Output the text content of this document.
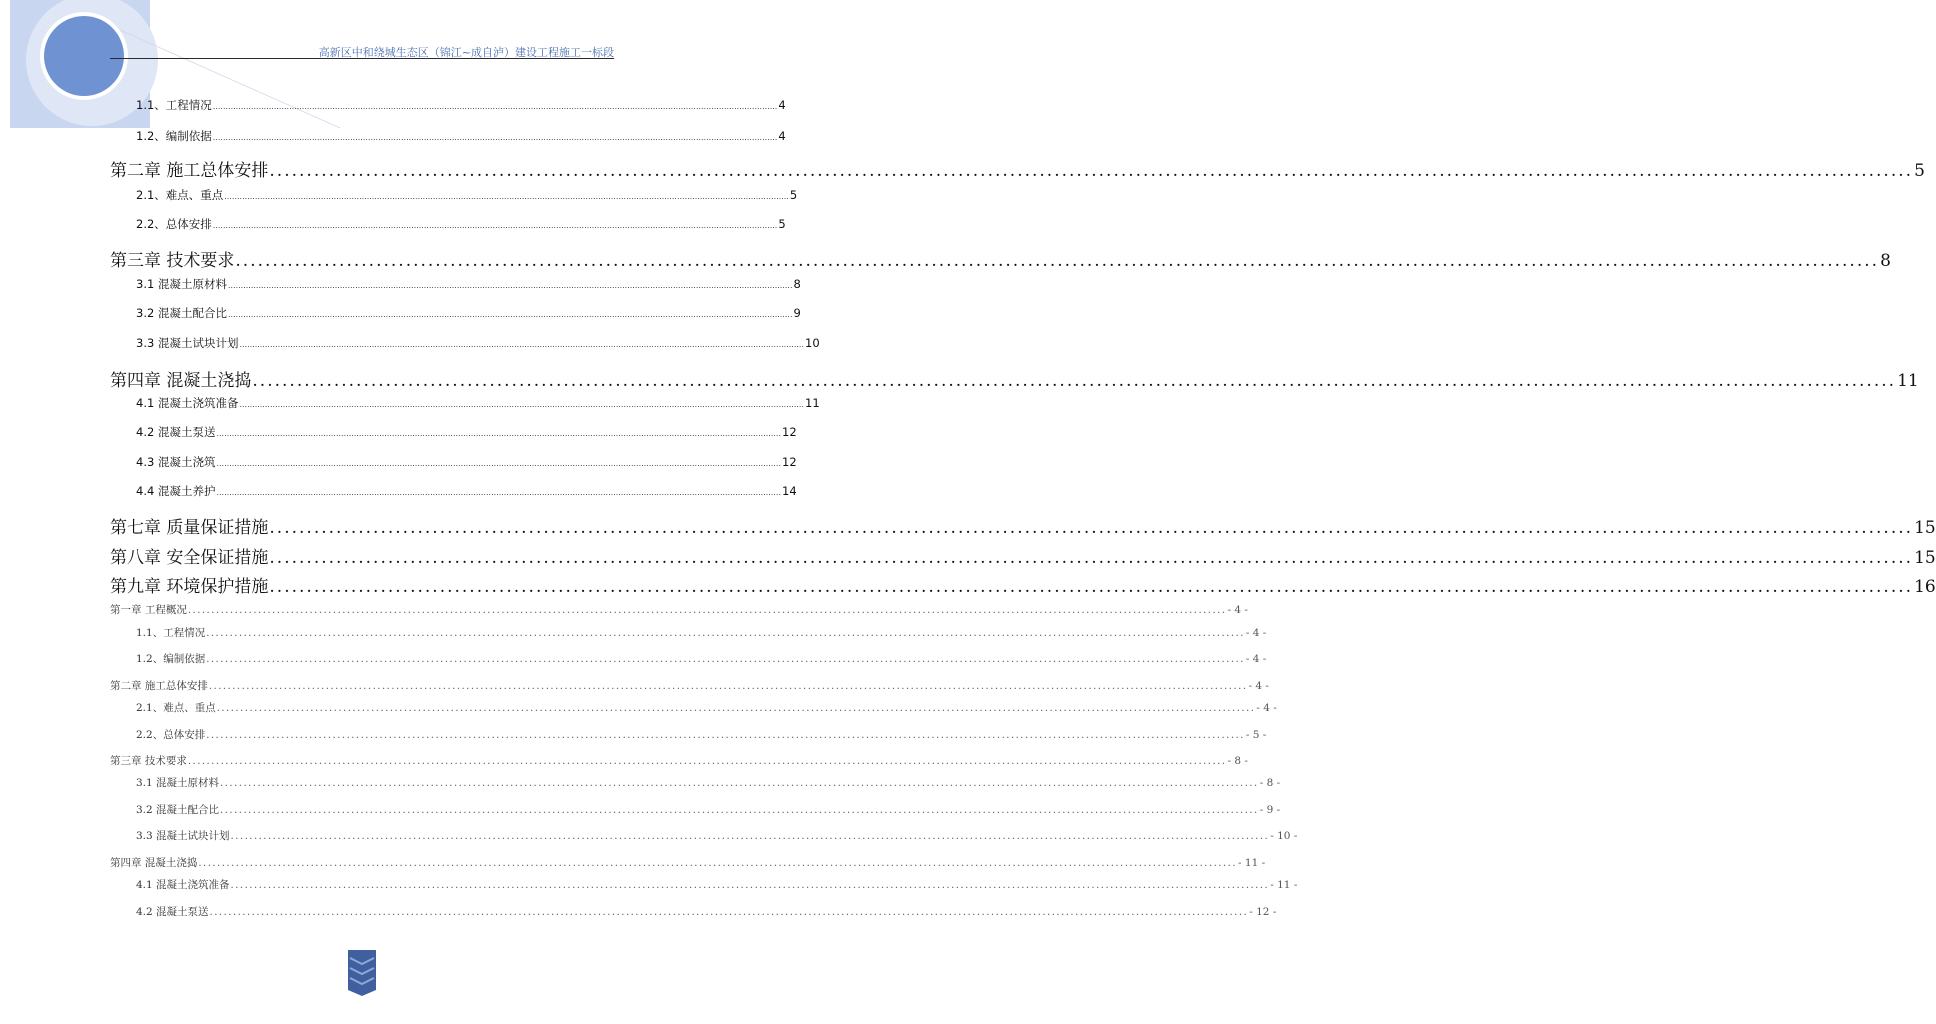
高新区中和绕城生态区（锦江~成自泸）建设工程施工一标段
1.1、工程情况 .............................................................................................................................................................................................................................. 4
1.2、编制依据 .............................................................................................................................................................................................................................. 4
第二章 施工总体安排 .............................................................................................................................................................................................................................. 5
2.1、难点、重点 .............................................................................................................................................................................................................................. 5
2.2、总体安排 .............................................................................................................................................................................................................................. 5
第三章 技术要求 .............................................................................................................................................................................................................................. 8
3.1 混凝土原材料 .............................................................................................................................................................................................................................. 8
3.2 混凝土配合比 .............................................................................................................................................................................................................................. 9
3.3 混凝土试块计划 .............................................................................................................................................................................................................................. 10
第四章 混凝土浇捣 .............................................................................................................................................................................................................................. 11
4.1 混凝土浇筑准备 .............................................................................................................................................................................................................................. 11
4.2 混凝土泵送 .............................................................................................................................................................................................................................. 12
4.3 混凝土浇筑 .............................................................................................................................................................................................................................. 12
4.4 混凝土养护 .............................................................................................................................................................................................................................. 14
第七章 质量保证措施 .............................................................................................................................................................................................................................. 15
第八章 安全保证措施 .............................................................................................................................................................................................................................. 15
第九章 环境保护措施 .............................................................................................................................................................................................................................. 16
第一章 工程概况 .............................................................................................................................................................................................................................. - 4 -
1.1、工程情况 .............................................................................................................................................................................................................................. - 4 -
1.2、编制依据 .............................................................................................................................................................................................................................. - 4 -
第二章 施工总体安排 .............................................................................................................................................................................................................................. - 4 -
2.1、难点、重点 .............................................................................................................................................................................................................................. - 4 -
2.2、总体安排 .............................................................................................................................................................................................................................. - 5 -
第三章 技术要求 .............................................................................................................................................................................................................................. - 8 -
3.1 混凝土原材料 .............................................................................................................................................................................................................................. - 8 -
3.2 混凝土配合比 .............................................................................................................................................................................................................................. - 9 -
3.3 混凝土试块计划 .............................................................................................................................................................................................................................. - 10 -
第四章 混凝土浇捣 .............................................................................................................................................................................................................................. - 11 -
4.1 混凝土浇筑准备 .............................................................................................................................................................................................................................. - 11 -
4.2 混凝土泵送 .............................................................................................................................................................................................................................. - 12 -
